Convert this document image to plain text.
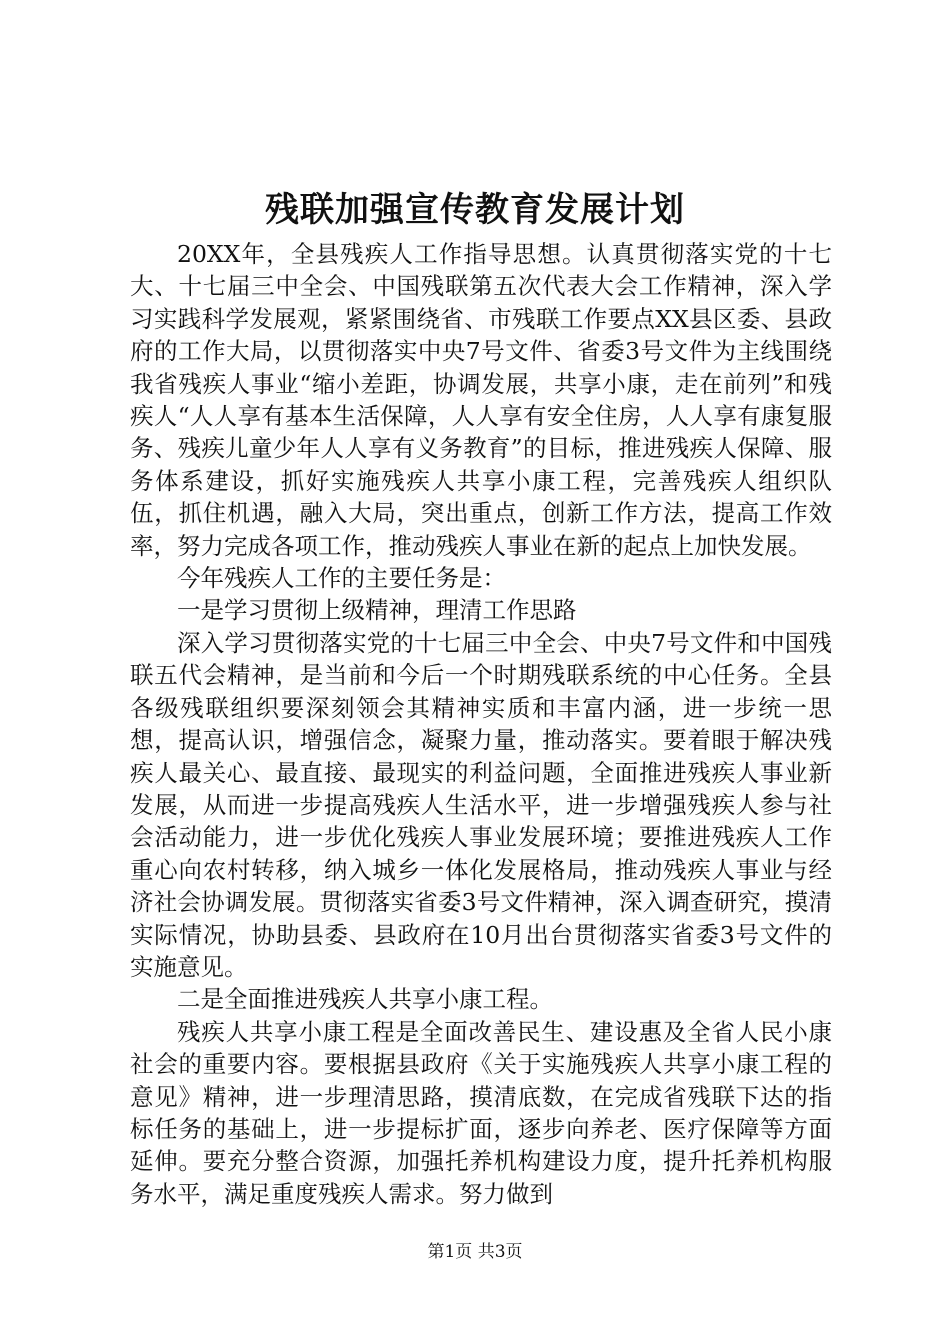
残联加强宣传教育发展计划

20XX年，全县残疾人工作指导思想。认真贯彻落实党的十七大、十七届三中全会、中国残联第五次代表大会工作精神，深入学习实践科学发展观，紧紧围绕省、市残联工作要点XX县区委、县政府的工作大局，以贯彻落实中央7号文件、省委3号文件为主线围绕我省残疾人事业“缩小差距，协调发展，共享小康，走在前列”和残疾人“人人享有基本生活保障，人人享有安全住房，人人享有康复服务、残疾儿童少年人人享有义务教育”的目标，推进残疾人保障、服务体系建设，抓好实施残疾人共享小康工程，完善残疾人组织队伍，抓住机遇，融入大局，突出重点，创新工作方法，提高工作效率，努力完成各项工作，推动残疾人事业在新的起点上加快发展。

今年残疾人工作的主要任务是：

一是学习贯彻上级精神，理清工作思路

深入学习贯彻落实党的十七届三中全会、中央7号文件和中国残联五代会精神，是当前和今后一个时期残联系统的中心任务。全县各级残联组织要深刻领会其精神实质和丰富内涵，进一步统一思想，提高认识，增强信念，凝聚力量，推动落实。要着眼于解决残疾人最关心、最直接、最现实的利益问题，全面推进残疾人事业新发展，从而进一步提高残疾人生活水平，进一步增强残疾人参与社会活动能力，进一步优化残疾人事业发展环境；要推进残疾人工作重心向农村转移，纳入城乡一体化发展格局，推动残疾人事业与经济社会协调发展。贯彻落实省委3号文件精神，深入调查研究，摸清实际情况，协助县委、县政府在10月出台贯彻落实省委3号文件的实施意见。

二是全面推进残疾人共享小康工程。

残疾人共享小康工程是全面改善民生、建设惠及全省人民小康社会的重要内容。要根据县政府《关于实施残疾人共享小康工程的意见》精神，进一步理清思路，摸清底数，在完成省残联下达的指标任务的基础上，进一步提标扩面，逐步向养老、医疗保障等方面延伸。要充分整合资源，加强托养机构建设力度，提升托养机构服务水平，满足重度残疾人需求。努力做到

第1页 共3页
